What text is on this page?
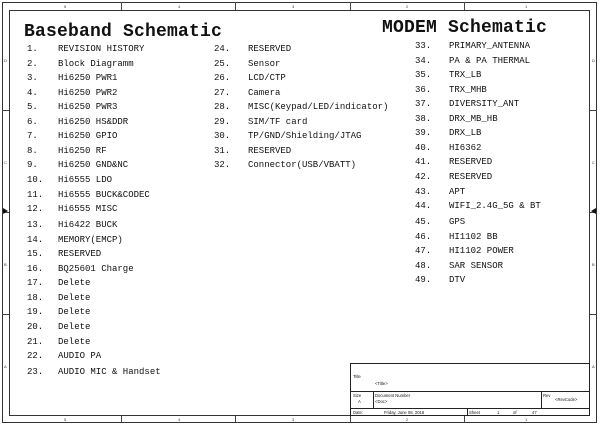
5	4	3	2	1
5	4	3	2	1
D
C
B
A
D
C
B
A
Baseband Schematic	MODEM Schematic
1. REVISION HISTORY
2. Block Diagramm
3. Hi6250 PWR1
4. Hi6250 PWR2
5. Hi6250 PWR3
6. Hi6250 HS&DDR
7. Hi6250 GPIO
8. Hi6250 RF
9. Hi6250 GND&NC
10. Hi6555 LDO
11. Hi6555 BUCK&CODEC
12. Hi6555 MISC
13. Hi6422 BUCK
14. MEMORY(EMCP)
15. RESERVED
16. BQ25601 Charge
17. Delete
18. Delete
19. Delete
20. Delete
21. Delete
22. AUDIO PA
23. AUDIO MIC & Handset
24. RESERVED
25. Sensor
26. LCD/CTP
27. Camera
28. MISC(Keypad/LED/indicator)
29. SIM/TF card
30. TP/GND/Shielding/JTAG
31. RESERVED
32. Connector(USB/VBATT)
33. PRIMARY_ANTENNA
34. PA & PA THERMAL
35. TRX_LB
36. TRX_MHB
37. DIVERSITY_ANT
38. DRX_MB_HB
39. DRX_LB
40. HI6362
41. RESERVED
42. RESERVED
43. APT
44. WIFI_2.4G_5G & BT
45. GPS
46. HI1102 BB
47. HI1102 POWER
48. SAR SENSOR
49. DTV
Title
<Title>
Size
A
Document Number
<Doc>
Rev
<RevCode>
Date:	Friday, June 08, 2018	Sheet	1	of	47
